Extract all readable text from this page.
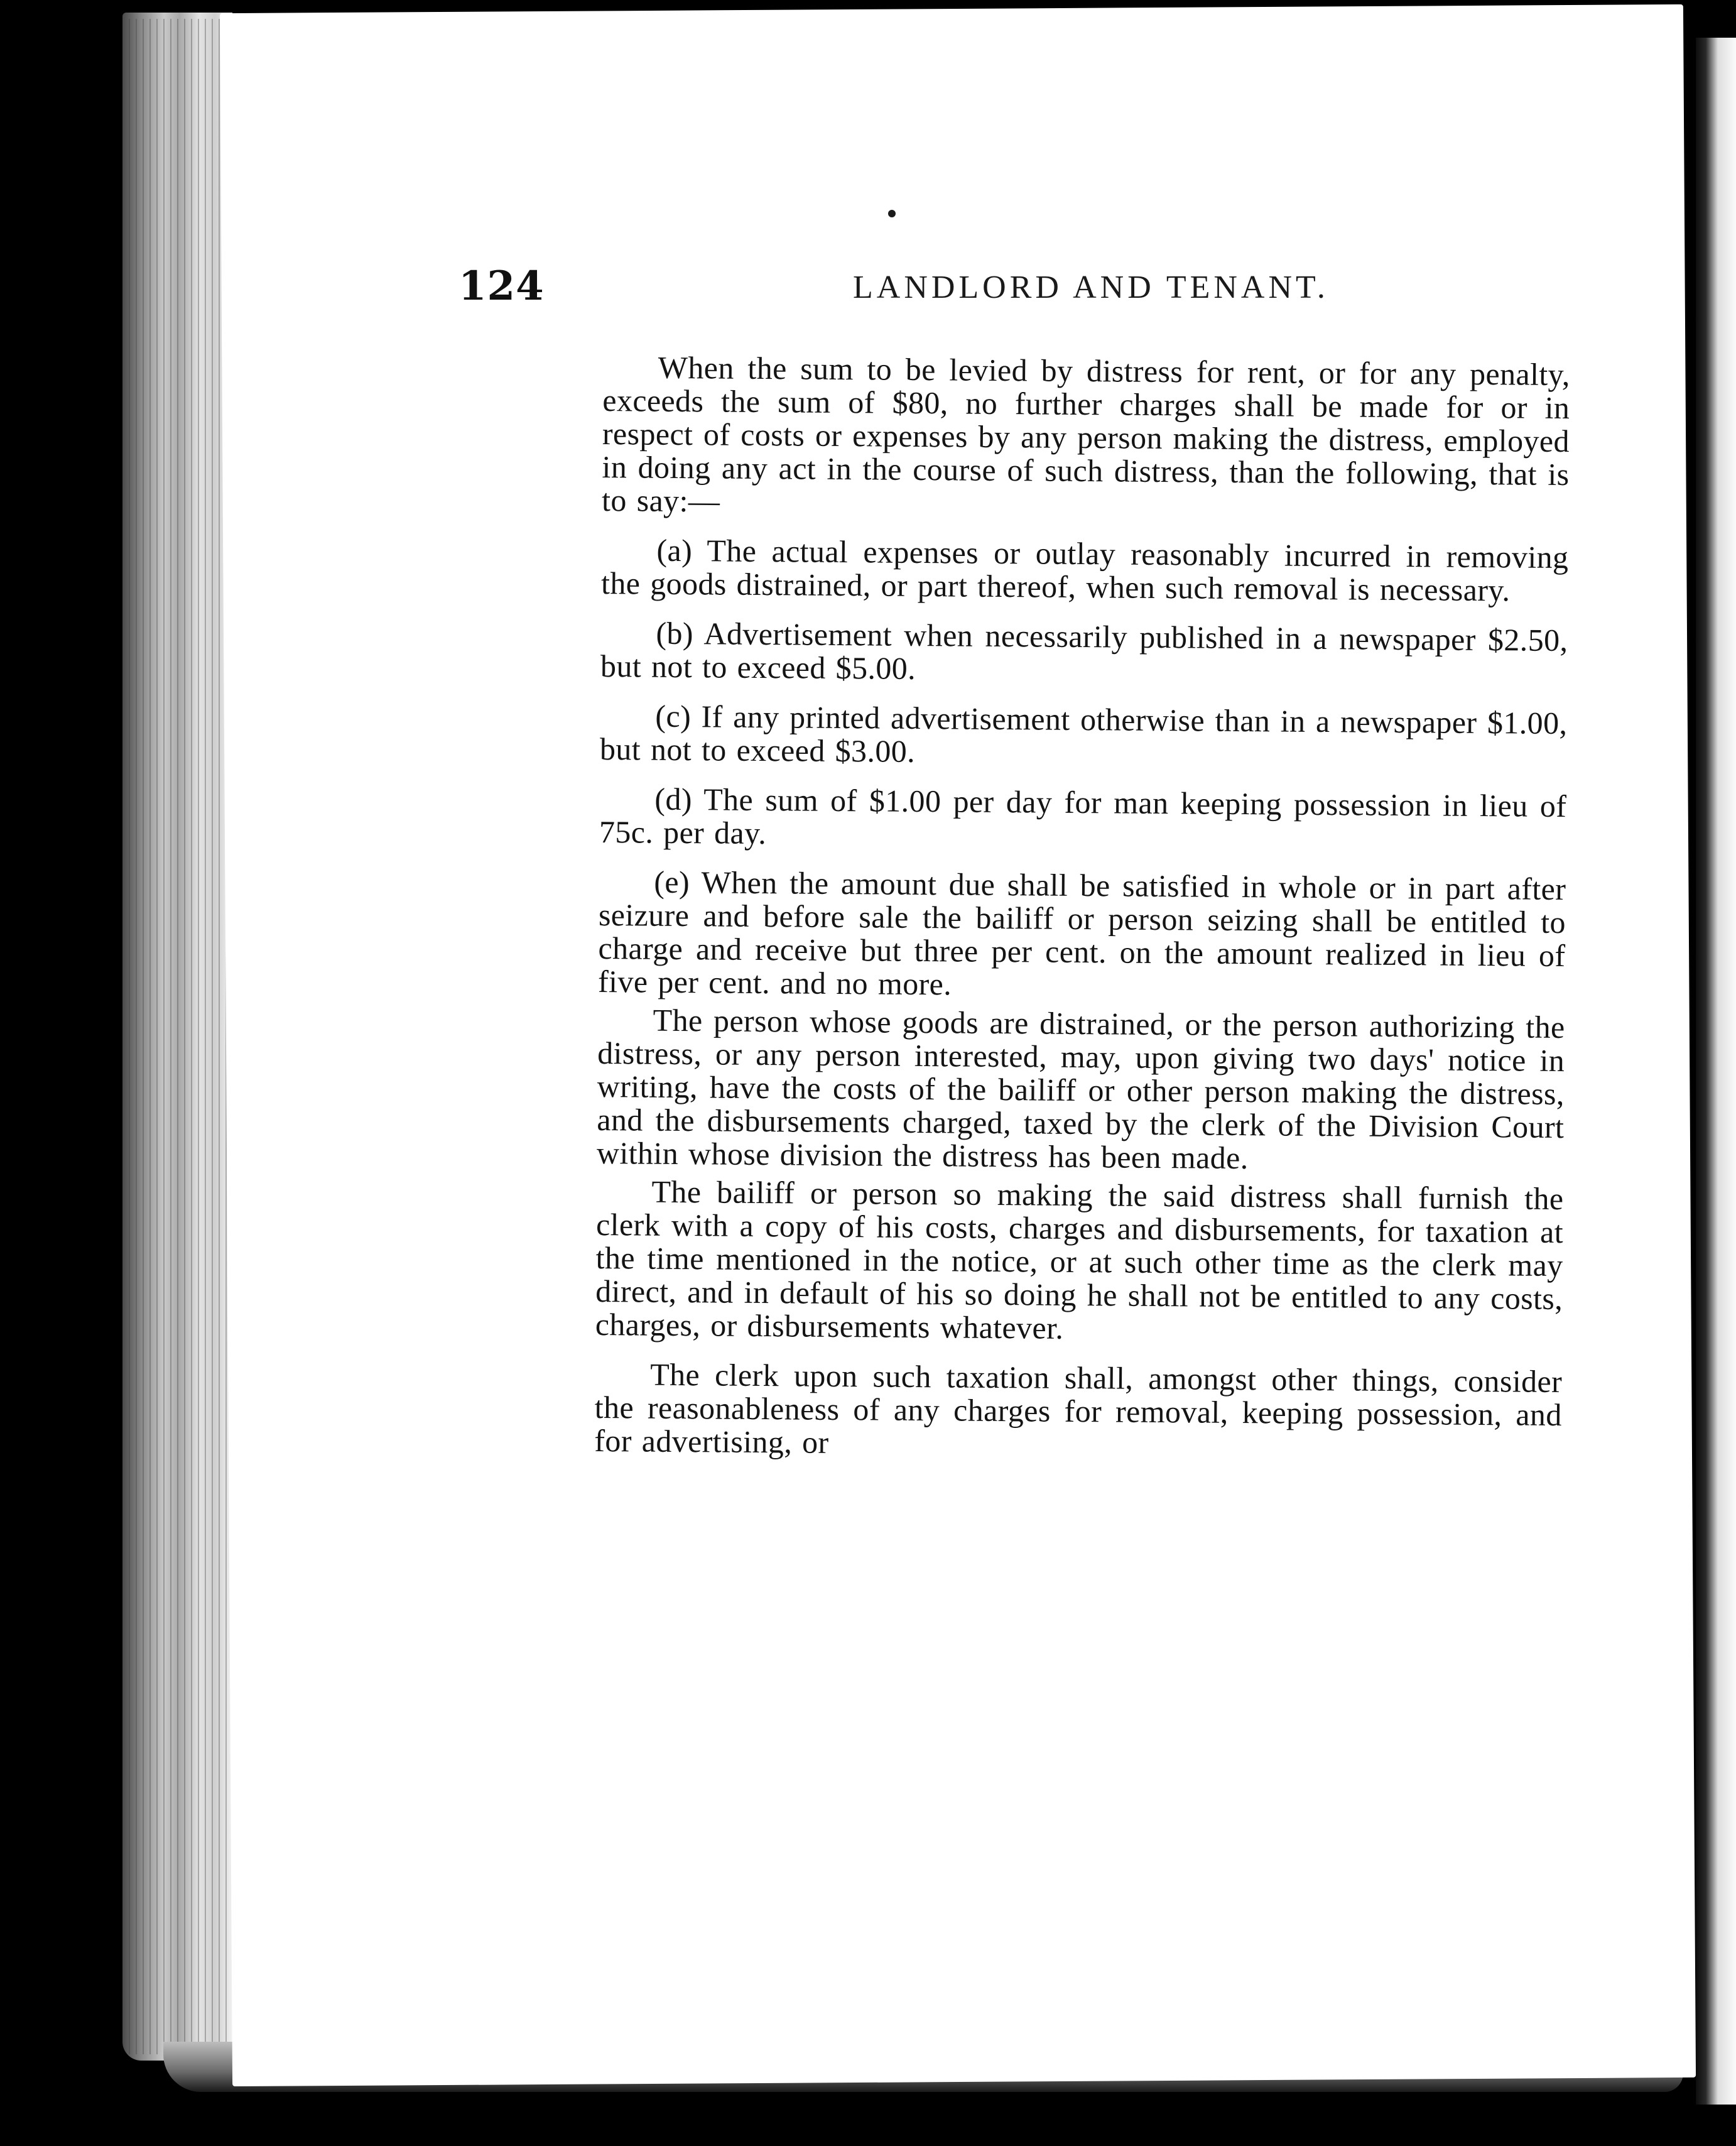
124	LANDLORD AND TENANT.

When the sum to be levied by distress for rent, or for any penalty, exceeds the sum of $80, no further charges shall be made for or in respect of costs or expenses by any person making the distress, employed in doing any act in the course of such distress, than the following, that is to say:—

(a) The actual expenses or outlay reasonably incurred in removing the goods distrained, or part thereof, when such removal is necessary.

(b) Advertisement when necessarily published in a newspaper $2.50, but not to exceed $5.00.

(c) If any printed advertisement otherwise than in a newspaper $1.00, but not to exceed $3.00.

(d) The sum of $1.00 per day for man keeping possession in lieu of 75c. per day.

(e) When the amount due shall be satisfied in whole or in part after seizure and before sale the bailiff or person seizing shall be entitled to charge and receive but three per cent. on the amount realized in lieu of five per cent. and no more.

The person whose goods are distrained, or the person authorizing the distress, or any person interested, may, upon giving two days' notice in writing, have the costs of the bailiff or other person making the distress, and the disbursements charged, taxed by the clerk of the Division Court within whose division the distress has been made.

The bailiff or person so making the said distress shall furnish the clerk with a copy of his costs, charges and disbursements, for taxation at the time mentioned in the notice, or at such other time as the clerk may direct, and in default of his so doing he shall not be entitled to any costs, charges, or disbursements whatever.

The clerk upon such taxation shall, amongst other things, consider the reasonableness of any charges for removal, keeping possession, and for advertising, or
